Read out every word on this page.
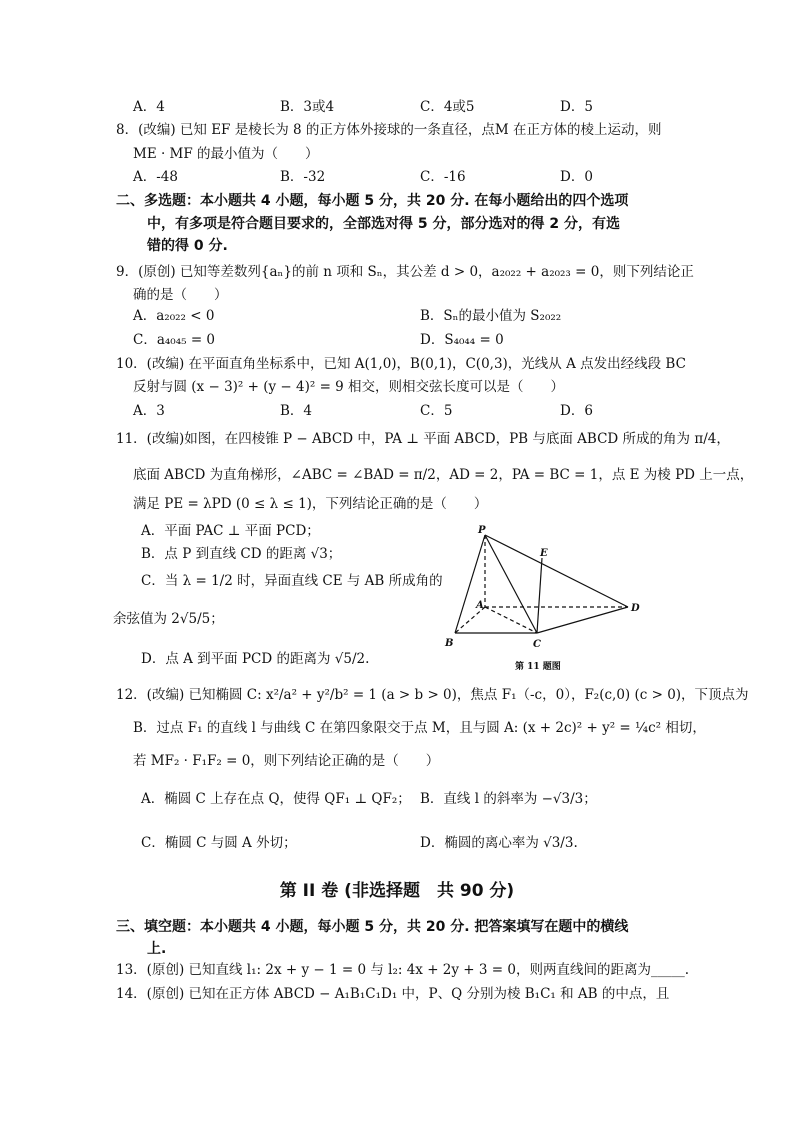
A．4	B．3或4	C．4或5	D．5
8．(改编) 已知 EF 是棱长为 8 的正方体外接球的一条直径，点M 在正方体的棱上运动，则
ME · MF 的最小值为（　　）
A．-48	B．-32	C．-16	D．0
二、多选题：本小题共 4 小题，每小题 5 分，共 20 分. 在每小题给出的四个选项
中，有多项是符合题目要求的，全部选对得 5 分，部分选对的得 2 分，有选
错的得 0 分.
9．(原创) 已知等差数列{aₙ}的前 n 项和 Sₙ，其公差 d > 0，a₂₀₂₂ + a₂₀₂₃ = 0，则下列结论正
确的是（　　）
A．a₂₀₂₂ < 0	B．Sₙ的最小值为 S₂₀₂₂
C．a₄₀₄₅ = 0	D．S₄₀₄₄ = 0
10．(改编) 在平面直角坐标系中，已知 A(1,0)，B(0,1)，C(0,3)，光线从 A 点发出经线段 BC
反射与圆 (x − 3)² + (y − 4)² = 9 相交，则相交弦长度可以是（　　）
A．3	B．4	C．5	D．6
11．(改编)如图，在四棱锥 P − ABCD 中，PA ⊥ 平面 ABCD，PB 与底面 ABCD 所成的角为 π/4，
底面 ABCD 为直角梯形，∠ABC = ∠BAD = π/2，AD = 2，PA = BC = 1，点 E 为棱 PD 上一点，
满足 PE = λPD (0 ≤ λ ≤ 1)，下列结论正确的是（　　）
A．平面 PAC ⊥ 平面 PCD；
B．点 P 到直线 CD 的距离 √3；
C．当 λ = 1/2 时，异面直线 CE 与 AB 所成角的
余弦值为 2√5/5；
D．点 A 到平面 PCD 的距离为 √5/2.
P
E
A	D
B	C
第 11 题图
12．(改编) 已知椭圆 C: x²/a² + y²/b² = 1 (a > b > 0)，焦点 F₁（-c，0），F₂(c,0) (c > 0)，下顶点为
B．过点 F₁ 的直线 l 与曲线 C 在第四象限交于点 M，且与圆 A: (x + 2c)² + y² = ¼c² 相切，
若 MF₂ · F₁F₂ = 0，则下列结论正确的是（　　）
A．椭圆 C 上存在点 Q，使得 QF₁ ⊥ QF₂； B．直线 l 的斜率为 −√3/3；
C．椭圆 C 与圆 A 外切；	D．椭圆的离心率为 √3/3.
第 II 卷 (非选择题　共 90 分)
三、填空题：本小题共 4 小题，每小题 5 分，共 20 分. 把答案填写在题中的横线
上.
13．(原创) 已知直线 l₁: 2x + y − 1 = 0 与 l₂: 4x + 2y + 3 = 0，则两直线间的距离为_____.
14．(原创) 已知在正方体 ABCD − A₁B₁C₁D₁ 中，P、Q 分别为棱 B₁C₁ 和 AB 的中点，且
